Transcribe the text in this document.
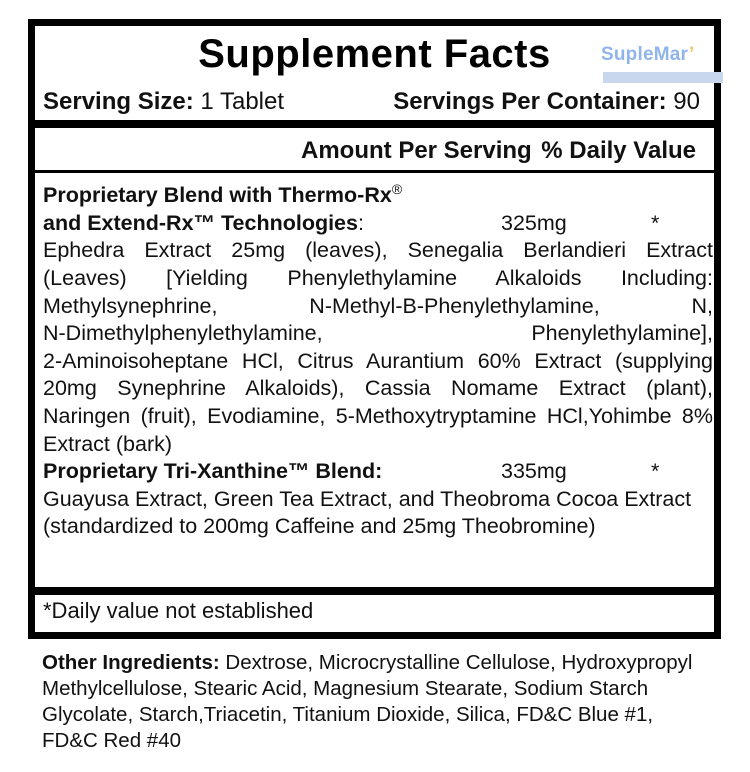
Supplement Facts	SupleMar’
Serving Size: 1 Tablet	Servings Per Container: 90
Amount Per Serving % Daily Value
Proprietary Blend with Thermo-Rx®
and Extend-Rx™ Technologies:	325mg	*
Ephedra Extract 25mg (leaves), Senegalia Berlandieri Extract
(Leaves) [Yielding Phenylethylamine Alkaloids Including:
Methylsynephrine, N-Methyl-B-Phenylethylamine, N,
N-Dimethylphenylethylamine, Phenylethylamine],
2-Aminoisoheptane HCl, Citrus Aurantium 60% Extract (supplying
20mg Synephrine Alkaloids), Cassia Nomame Extract (plant),
Naringen (fruit), Evodiamine, 5-Methoxytryptamine HCl,Yohimbe 8%
Extract (bark)
Proprietary Tri-Xanthine™ Blend:	335mg	*
Guayusa Extract, Green Tea Extract, and Theobroma Cocoa Extract
(standardized to 200mg Caffeine and 25mg Theobromine)
*Daily value not established
Other Ingredients: Dextrose, Microcrystalline Cellulose, Hydroxypropyl
Methylcellulose, Stearic Acid, Magnesium Stearate, Sodium Starch
Glycolate, Starch,Triacetin, Titanium Dioxide, Silica, FD&C Blue #1,
FD&C Red #40
